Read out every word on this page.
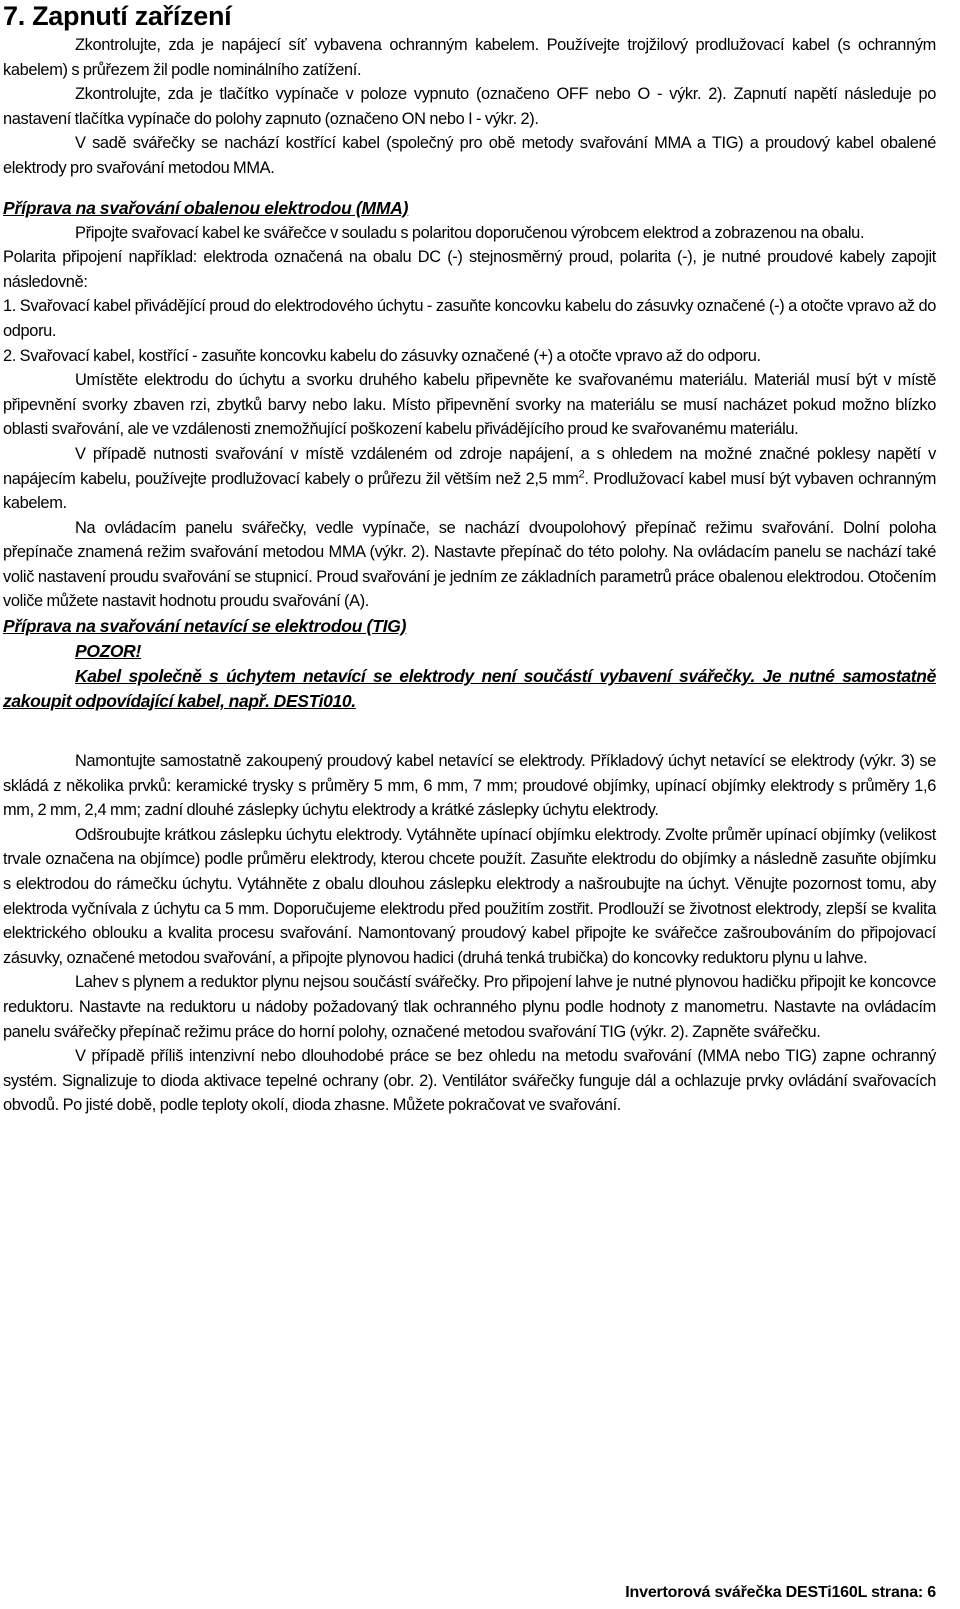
7. Zapnutí zařízení

Zkontrolujte, zda je napájecí síť vybavena ochranným kabelem. Používejte trojžilový prodlužovací kabel (s ochranným kabelem) s průřezem žil podle nominálního zatížení.

Zkontrolujte, zda je tlačítko vypínače v poloze vypnuto (označeno OFF nebo O - výkr. 2). Zapnutí napětí následuje po nastavení tlačítka vypínače do polohy zapnuto (označeno ON nebo I - výkr. 2).

V sadě svářečky se nachází kostřící kabel (společný pro obě metody svařování MMA a TIG) a proudový kabel obalené elektrody pro svařování metodou MMA.

Příprava na svařování obalenou elektrodou (MMA)

Připojte svařovací kabel ke svářečce v souladu s polaritou doporučenou výrobcem elektrod a zobrazenou na obalu.

Polarita připojení například: elektroda označená na obalu DC (-) stejnosměrný proud, polarita (-), je nutné proudové kabely zapojit následovně:

1. Svařovací kabel přivádějící proud do elektrodového úchytu - zasuňte koncovku kabelu do zásuvky označené (-) a otočte vpravo až do odporu.

2. Svařovací kabel, kostřící - zasuňte koncovku kabelu do zásuvky označené (+) a otočte vpravo až do odporu.

Umístěte elektrodu do úchytu a svorku druhého kabelu připevněte ke svařovanému materiálu. Materiál musí být v místě připevnění svorky zbaven rzi, zbytků barvy nebo laku. Místo připevnění svorky na materiálu se musí nacházet pokud možno blízko oblasti svařování, ale ve vzdálenosti znemožňující poškození kabelu přivádějícího proud ke svařovanému materiálu.

V případě nutnosti svařování v místě vzdáleném od zdroje napájení, a s ohledem na možné značné poklesy napětí v napájecím kabelu, používejte prodlužovací kabely o průřezu žil větším než 2,5 $mm^2$. Prodlužovací kabel musí být vybaven ochranným kabelem.

Na ovládacím panelu svářečky, vedle vypínače, se nachází dvoupolohový přepínač režimu svařování. Dolní poloha přepínače znamená režim svařování metodou MMA (výkr. 2). Nastavte přepínač do této polohy. Na ovládacím panelu se nachází také volič nastavení proudu svařování se stupnicí. Proud svařování je jedním ze základních parametrů práce obalenou elektrodou. Otočením voliče můžete nastavit hodnotu proudu svařování (A).

Příprava na svařování netavící se elektrodou (TIG)

POZOR!

Kabel společně s úchytem netavící se elektrody není součástí vybavení svářečky. Je nutné samostatně zakoupit odpovídající kabel, např. DESTi010.

Namontujte samostatně zakoupený proudový kabel netavící se elektrody. Příkladový úchyt netavící se elektrody (výkr. 3) se skládá z několika prvků: keramické trysky s průměry 5 mm, 6 mm, 7 mm; proudové objímky, upínací objímky elektrody s průměry 1,6 mm, 2 mm, 2,4 mm; zadní dlouhé záslepky úchytu elektrody a krátké záslepky úchytu elektrody.

Odšroubujte krátkou záslepku úchytu elektrody. Vytáhněte upínací objímku elektrody. Zvolte průměr upínací objímky (velikost trvale označena na objímce) podle průměru elektrody, kterou chcete použít. Zasuňte elektrodu do objímky a následně zasuňte objímku s elektrodou do rámečku úchytu. Vytáhněte z obalu dlouhou záslepku elektrody a našroubujte na úchyt. Věnujte pozornost tomu, aby elektroda vyčnívala z úchytu ca 5 mm. Doporučujeme elektrodu před použitím zostřit. Prodlouží se životnost elektrody, zlepší se kvalita elektrického oblouku a kvalita procesu svařování. Namontovaný proudový kabel připojte ke svářečce zašroubováním do připojovací zásuvky, označené metodou svařování, a připojte plynovou hadici (druhá tenká trubička) do koncovky reduktoru plynu u lahve.

Lahev s plynem a reduktor plynu nejsou součástí svářečky. Pro připojení lahve je nutné plynovou hadičku připojit ke koncovce reduktoru. Nastavte na reduktoru u nádoby požadovaný tlak ochranného plynu podle hodnoty z manometru. Nastavte na ovládacím panelu svářečky přepínač režimu práce do horní polohy, označené metodou svařování TIG (výkr. 2). Zapněte svářečku.

V případě příliš intenzivní nebo dlouhodobé práce se bez ohledu na metodu svařování (MMA nebo TIG) zapne ochranný systém. Signalizuje to dioda aktivace tepelné ochrany (obr. 2). Ventilátor svářečky funguje dál a ochlazuje prvky ovládání svařovacích obvodů. Po jisté době, podle teploty okolí, dioda zhasne. Můžete pokračovat ve svařování.

Invertorová svářečka DESTi160L strana: 6
